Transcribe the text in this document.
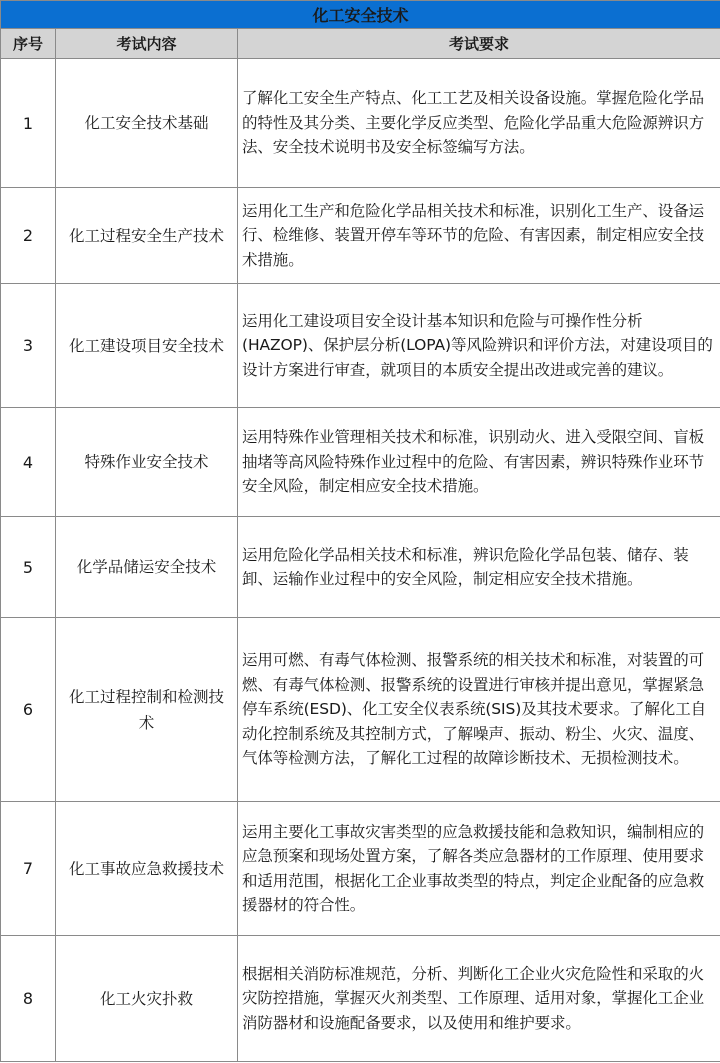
化工安全技术		
序号	考试内容	考试要求
1	化工安全技术基础	了解化工安全生产特点、化工工艺及相关设备设施。掌握危险化学品的特性及其分类、主要化学反应类型、危险化学品重大危险源辨识方法、安全技术说明书及安全标签编写方法。
2	化工过程安全生产技术	运用化工生产和危险化学品相关技术和标准，识别化工生产、设备运行、检维修、装置开停车等环节的危险、有害因素，制定相应安全技术措施。
3	化工建设项目安全技术	运用化工建设项目安全设计基本知识和危险与可操作性分析(HAZOP)、保护层分析(LOPA)等风险辨识和评价方法，对建设项目的设计方案进行审查，就项目的本质安全提出改进或完善的建议。
4	特殊作业安全技术	运用特殊作业管理相关技术和标准，识别动火、进入受限空间、盲板抽堵等高风险特殊作业过程中的危险、有害因素，辨识特殊作业环节安全风险，制定相应安全技术措施。
5	化学品储运安全技术	运用危险化学品相关技术和标准，辨识危险化学品包装、储存、装卸、运输作业过程中的安全风险，制定相应安全技术措施。
6	化工过程控制和检测技术	运用可燃、有毒气体检测、报警系统的相关技术和标准，对装置的可燃、有毒气体检测、报警系统的设置进行审核并提出意见，掌握紧急停车系统(ESD)、化工安全仪表系统(SIS)及其技术要求。了解化工自动化控制系统及其控制方式，了解噪声、振动、粉尘、火灾、温度、气体等检测方法，了解化工过程的故障诊断技术、无损检测技术。
7	化工事故应急救援技术	运用主要化工事故灾害类型的应急救援技能和急救知识，编制相应的应急预案和现场处置方案，了解各类应急器材的工作原理、使用要求和适用范围，根据化工企业事故类型的特点，判定企业配备的应急救援器材的符合性。
8	化工火灾扑救	根据相关消防标准规范，分析、判断化工企业火灾危险性和采取的火灾防控措施，掌握灭火剂类型、工作原理、适用对象，掌握化工企业消防器材和设施配备要求，以及使用和维护要求。
